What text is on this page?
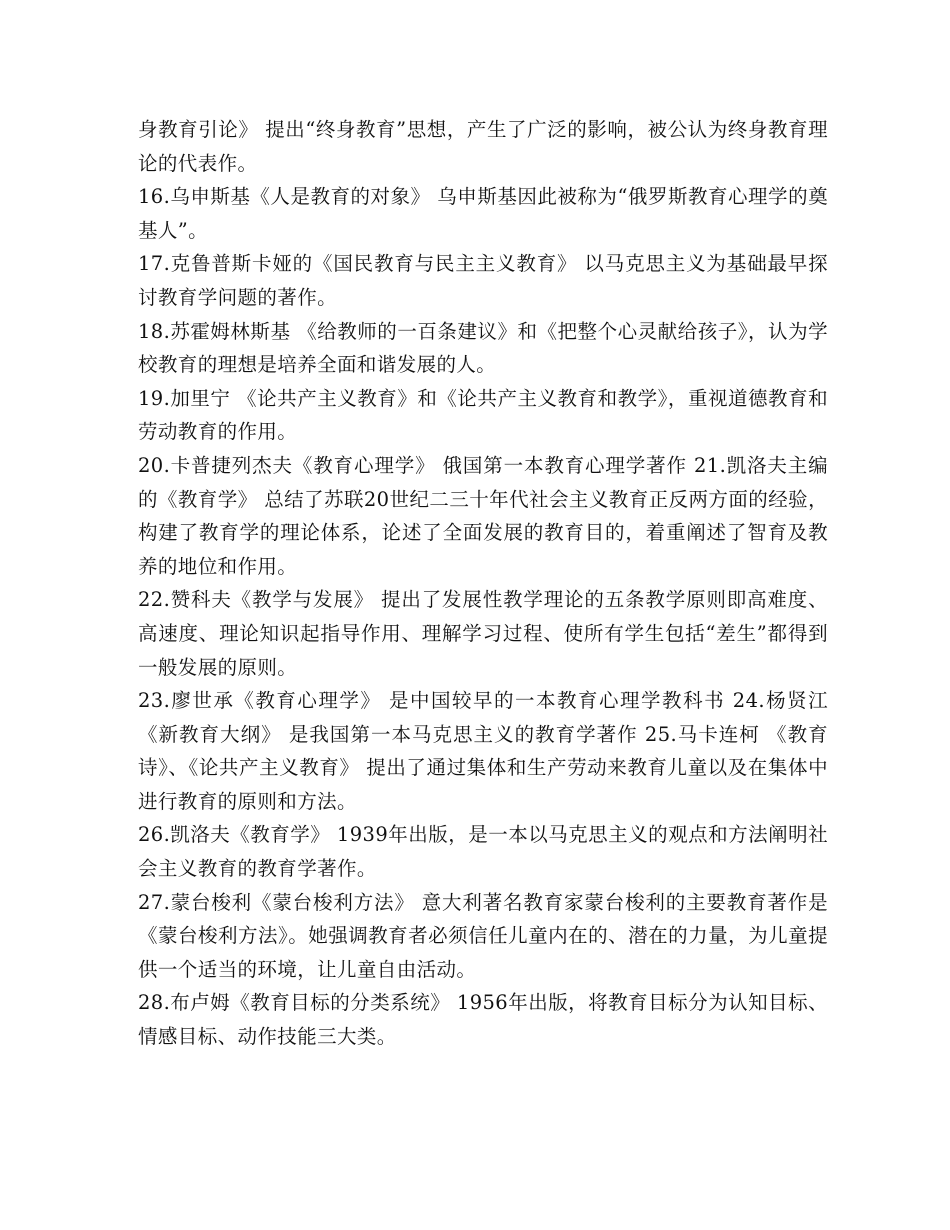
身教育引论》 提出“终身教育”思想，产生了广泛的影响，被公认为终身教育理论的代表作。

16.乌申斯基《人是教育的对象》 乌申斯基因此被称为“俄罗斯教育心理学的奠基人”。

17.克鲁普斯卡娅的《国民教育与民主主义教育》 以马克思主义为基础最早探讨教育学问题的著作。

18.苏霍姆林斯基 《给教师的一百条建议》和《把整个心灵献给孩子》，认为学校教育的理想是培养全面和谐发展的人。

19.加里宁 《论共产主义教育》和《论共产主义教育和教学》，重视道德教育和劳动教育的作用。

20.卡普捷列杰夫《教育心理学》 俄国第一本教育心理学著作 21.凯洛夫主编的《教育学》 总结了苏联20世纪二三十年代社会主义教育正反两方面的经验，构建了教育学的理论体系，论述了全面发展的教育目的，着重阐述了智育及教养的地位和作用。

22.赞科夫《教学与发展》 提出了发展性教学理论的五条教学原则即高难度、高速度、理论知识起指导作用、理解学习过程、使所有学生包括“差生”都得到一般发展的原则。

23.廖世承《教育心理学》 是中国较早的一本教育心理学教科书 24.杨贤江《新教育大纲》 是我国第一本马克思主义的教育学著作 25.马卡连柯 《教育诗》、《论共产主义教育》 提出了通过集体和生产劳动来教育儿童以及在集体中进行教育的原则和方法。

26.凯洛夫《教育学》 1939年出版，是一本以马克思主义的观点和方法阐明社会主义教育的教育学著作。

27.蒙台梭利《蒙台梭利方法》 意大利著名教育家蒙台梭利的主要教育著作是《蒙台梭利方法》。她强调教育者必须信任儿童内在的、潜在的力量，为儿童提供一个适当的环境，让儿童自由活动。

28.布卢姆《教育目标的分类系统》 1956年出版，将教育目标分为认知目标、情感目标、动作技能三大类。
